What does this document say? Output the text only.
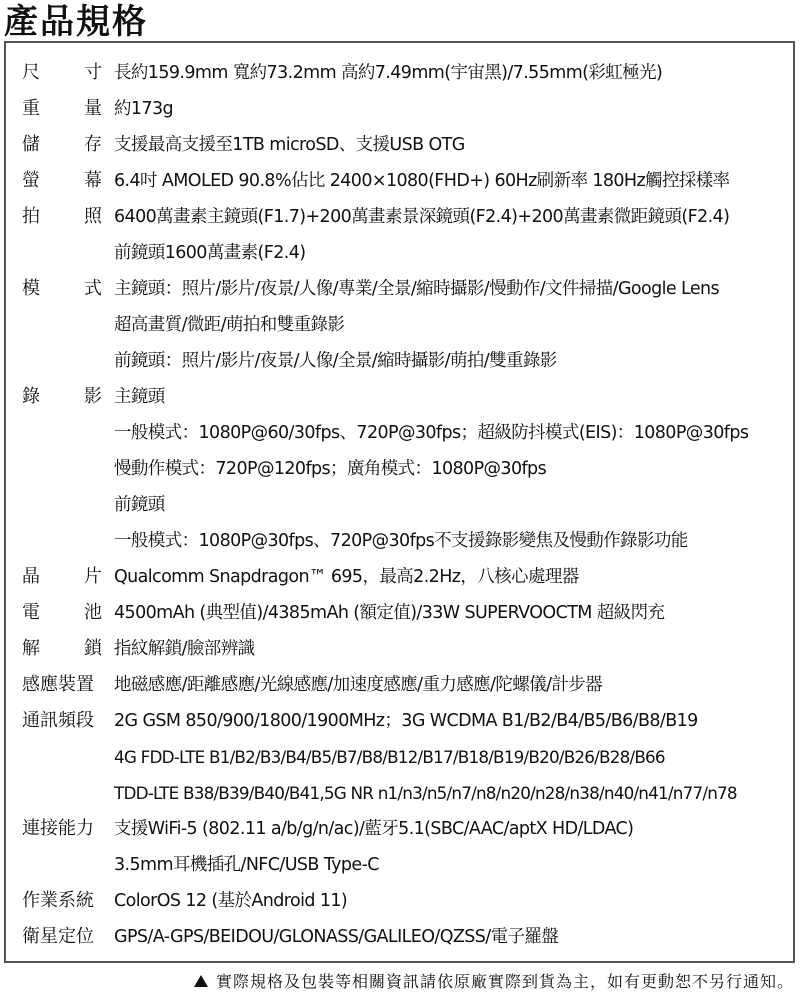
產品規格
尺 寸 長約159.9mm 寬約73.2mm 高約7.49mm(宇宙黑)/7.55mm(彩虹極光)
重 量 約173g
儲 存 支援最高支援至1TB microSD、支援USB OTG
螢 幕 6.4吋 AMOLED 90.8%佔比 2400×1080(FHD+) 60Hz刷新率 180Hz觸控採樣率
拍 照 6400萬畫素主鏡頭(F1.7)+200萬畫素景深鏡頭(F2.4)+200萬畫素微距鏡頭(F2.4)
前鏡頭1600萬畫素(F2.4)
模 式 主鏡頭：照片/影片/夜景/人像/專業/全景/縮時攝影/慢動作/文件掃描/Google Lens
超高畫質/微距/萌拍和雙重錄影
前鏡頭：照片/影片/夜景/人像/全景/縮時攝影/萌拍/雙重錄影
錄 影 主鏡頭
一般模式：1080P@60/30fps、720P@30fps；超級防抖模式(EIS)：1080P@30fps
慢動作模式：720P@120fps；廣角模式：1080P@30fps
前鏡頭
一般模式：1080P@30fps、720P@30fps不支援錄影變焦及慢動作錄影功能
晶 片 Qualcomm Snapdragon™ 695，最高2.2Hz，八核心處理器
電 池 4500mAh (典型值)/4385mAh (額定值)/33W SUPERVOOCTM 超級閃充
解 鎖 指紋解鎖/臉部辨識
感應裝置	地磁感應/距離感應/光線感應/加速度感應/重力感應/陀螺儀/計步器
通訊頻段	2G GSM 850/900/1800/1900MHz；3G WCDMA B1/B2/B4/B5/B6/B8/B19
4G FDD-LTE B1/B2/B3/B4/B5/B7/B8/B12/B17/B18/B19/B20/B26/B28/B66
TDD-LTE B38/B39/B40/B41,5G NR n1/n3/n5/n7/n8/n20/n28/n38/n40/n41/n77/n78
連接能力	支援WiFi-5 (802.11 a/b/g/n/ac)/藍牙5.1(SBC/AAC/aptX HD/LDAC)
3.5mm耳機插孔/NFC/USB Type-C
作業系統	ColorOS 12 (基於Android 11)
衛星定位	GPS/A-GPS/BEIDOU/GLONASS/GALILEO/QZSS/電子羅盤
實際規格及包裝等相關資訊請依原廠實際到貨為主，如有更動恕不另行通知。
